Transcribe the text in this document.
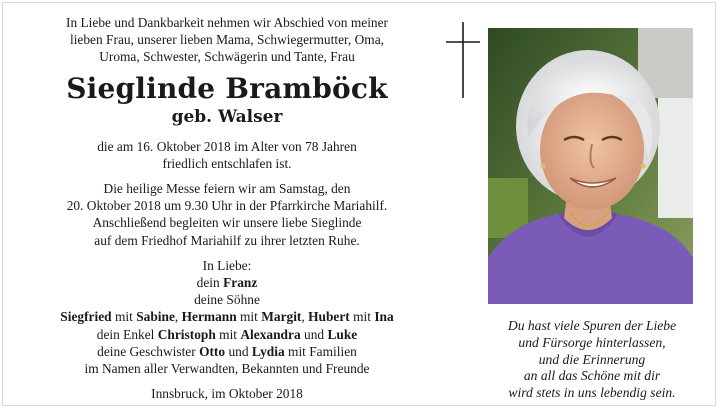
In Liebe und Dankbarkeit nehmen wir Abschied von meiner

lieben Frau, unserer lieben Mama, Schwiegermutter, Oma,

Uroma, Schwester, Schwägerin und Tante, Frau

Sieglinde Bramböck

geb. Walser

die am 16. Oktober 2018 im Alter von 78 Jahren

friedlich entschlafen ist.

Die heilige Messe feiern wir am Samstag, den

20. Oktober 2018 um 9.30 Uhr in der Pfarrkirche Mariahilf.

Anschließend begleiten wir unsere liebe Sieglinde

auf dem Friedhof Mariahilf zu ihrer letzten Ruhe.

In Liebe:

dein Franz

deine Söhne

Siegfried mit Sabine, Hermann mit Margit, Hubert mit Ina

dein Enkel Christoph mit Alexandra und Luke

deine Geschwister Otto und Lydia mit Familien

im Namen aller Verwandten, Bekannten und Freunde

Innsbruck, im Oktober 2018

Du hast viele Spuren der Liebe

und Fürsorge hinterlassen,

und die Erinnerung

an all das Schöne mit dir

wird stets in uns lebendig sein.
